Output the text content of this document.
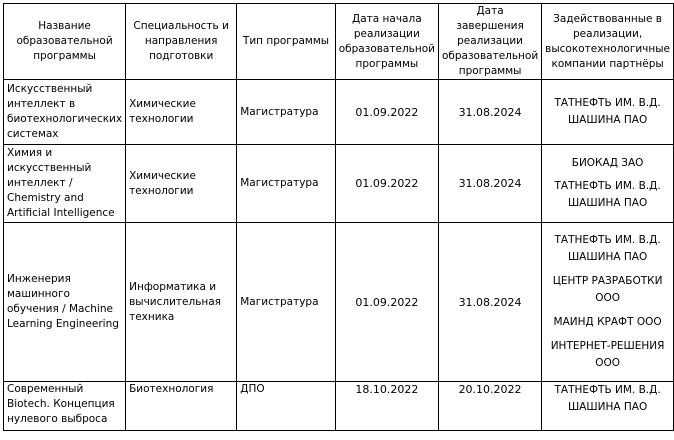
Название образовательной программы	Специальность и направления подготовки	Тип программы	Дата начала реализации образовательной программы	Дата завершения реализации образовательной программы	Задействованные в реализации, высокотехнологичные компании партнёры
Искусственный интеллект в биотехнологических системах	Химические технологии	Магистратура	01.09.2022	31.08.2024	ТАТНЕФТЬ ИМ. В.Д. ШАШИНА ПАО

Химия и искусственный интеллект / Chemistry and Artificial Intelligence	Химические технологии	Магистратура	01.09.2022	31.08.2024	БИОКАД ЗАО
ТАТНЕФТЬ ИМ. В.Д. ШАШИНА ПАО

Инженерия машинного обучения / Machine Learning Engineering	Информатика и вычислительная техника	Магистратура	01.09.2022	31.08.2024	ТАТНЕФТЬ ИМ. В.Д. ШАШИНА ПАО
ЦЕНТР РАЗРАБОТКИ ООО
МАИНД КРАФТ ООО
ИНТЕРНЕТ-РЕШЕНИЯ ООО

Современный Biotech. Концепция нулевого выброса	Биотехнология	ДПО	18.10.2022	20.10.2022	ТАТНЕФТЬ ИМ. В.Д. ШАШИНА ПАО
